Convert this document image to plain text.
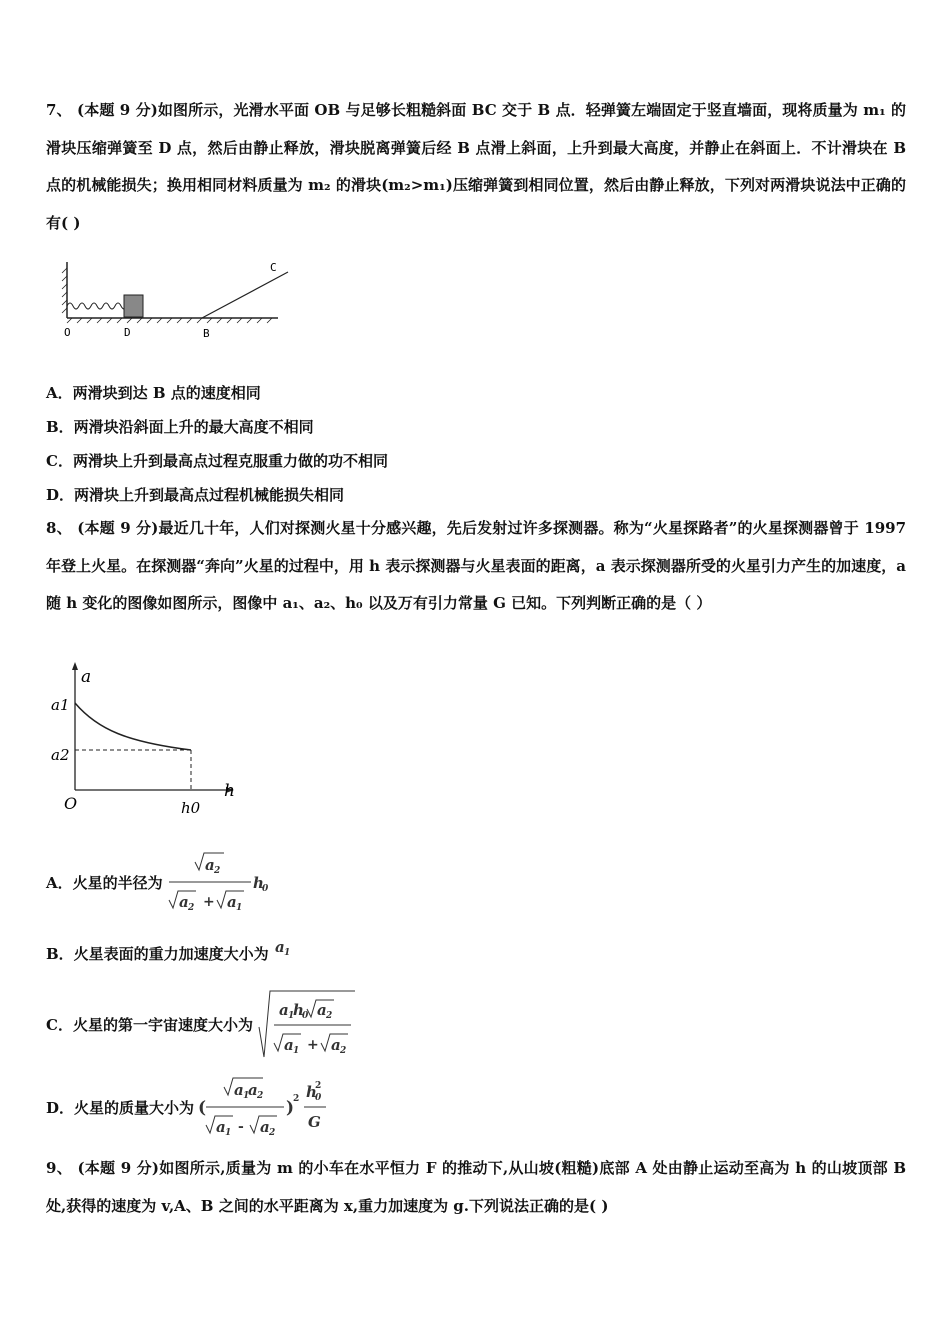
7、 (本题 9 分)如图所示，光滑水平面 OB 与足够长粗糙斜面 BC 交于 B 点．轻弹簧左端固定于竖直墙面，现将质量为 m₁ 的滑块压缩弹簧至 D 点，然后由静止释放，滑块脱离弹簧后经 B 点滑上斜面，上升到最大高度，并静止在斜面上．不计滑块在 B 点的机械能损失；换用相同材料质量为 m₂ 的滑块(m₂>m₁)压缩弹簧到相同位置，然后由静止释放，下列对两滑块说法中正确的有( )
O	D	B
C
A．两滑块到达 B 点的速度相同
B．两滑块沿斜面上升的最大高度不相同
C．两滑块上升到最高点过程克服重力做的功不相同
D．两滑块上升到最高点过程机械能损失相同
8、 (本题 9 分)最近几十年，人们对探测火星十分感兴趣，先后发射过许多探测器。称为“火星探路者”的火星探测器曾于 1997 年登上火星。在探测器“奔向”火星的过程中，用 h 表示探测器与火星表面的距离，a 表示探测器所受的火星引力产生的加速度，a 随 h 变化的图像如图所示，图像中 a₁、a₂、h₀ 以及万有引力常量 G 已知。下列判断正确的是（ ）
a
h
a1
a2
O	h0
A．火星的半径为
a 2
a 2 + a 1
h
0
B．火星表面的重力加速度大小为 a 1
C．火星的第一宇宙速度大小为
a 1
h
0 a 2
a 1 + a 2
D．火星的质量大小为 (
a 1
a 2
a 1 - a 2
)
2 h
0
2
G
9、 (本题 9 分)如图所示,质量为 m 的小车在水平恒力 F 的推动下,从山坡(粗糙)底部 A 处由静止运动至高为 h 的山坡顶部 B 处,获得的速度为 v,A、B 之间的水平距离为 x,重力加速度为 g.下列说法正确的是( )
